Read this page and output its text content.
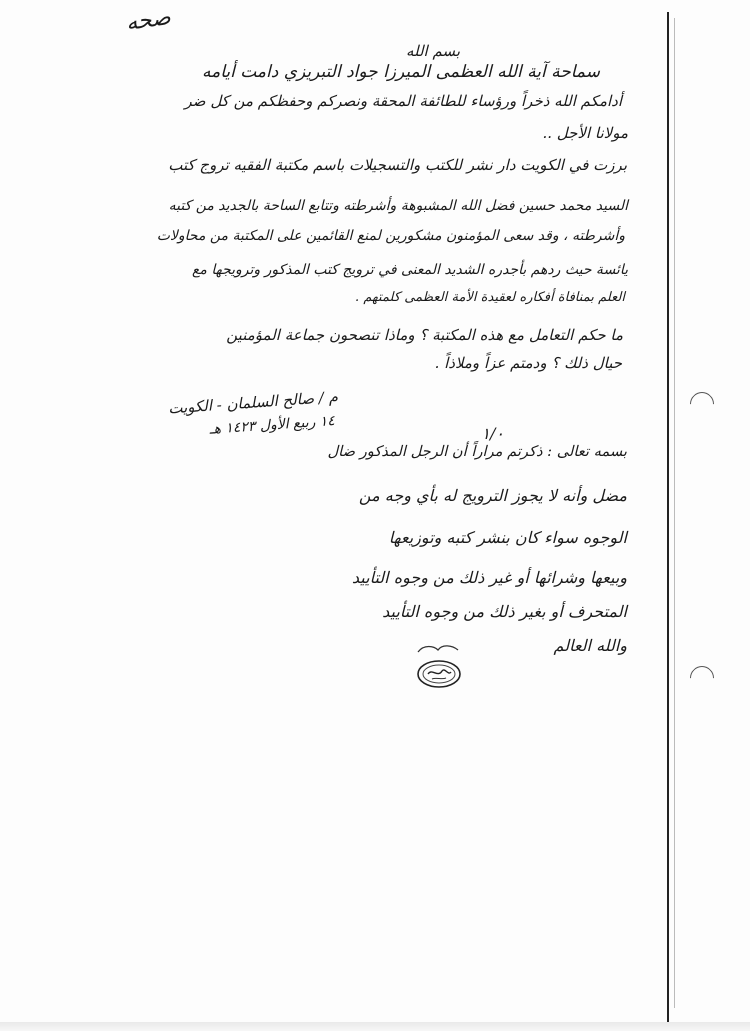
صحه
بسم الله
سماحة آية الله العظمى الميرزا جواد التبريزي دامت أيامه
أدامكم الله ذخراً ورؤساء للطائفة المحقة ونصركم وحفظكم من كل ضر
مولانا الأجل ..
برزت في الكويت دار نشر للكتب والتسجيلات باسم مكتبة الفقيه تروج كتب
السيد محمد حسين فضل الله المشبوهة وأشرطته وتتابع الساحة بالجديد من كتبه
وأشرطته ، وقد سعى المؤمنون مشكورين لمنع القائمين على المكتبة من محاولات
يائسة حيث ردهم بأجدره الشديد المعنى في ترويج كتب المذكور وترويجها مع
العلم بمنافاة أفكاره لعقيدة الأمة العظمى كلمتهم .
ما حكم التعامل مع هذه المكتبة ؟ وماذا تنصحون جماعة المؤمنين
حيال ذلك ؟ ودمتم عزاً وملاذاً .
م / صالح السلمان - الكويت
١٤ ربيع الأول ١٤٢٣ هـ
١/٠
بسمه تعالى : ذكرتم مراراً أن الرجل المذكور ضال
مضل وأنه لا يجوز الترويج له بأي وجه من
الوجوه سواء كان بنشر كتبه وتوزيعها
وبيعها وشرائها أو غير ذلك من وجوه التأييد
المتحرف أو بغير ذلك من وجوه التأييد
والله العالم
